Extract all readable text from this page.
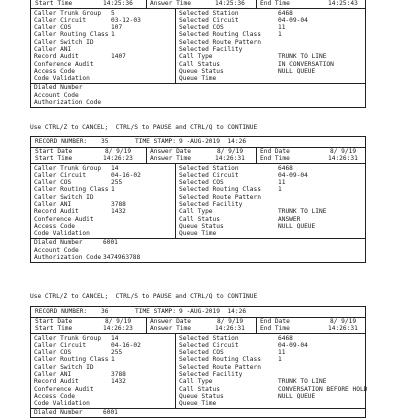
Start Time	14:25:36	Answer Time	14:25:36 End Time	14:25:43
Caller Trunk Group 5
Caller Circuit	03-12-03
Caller COS	107
Caller Routing Class 1
Caller Switch ID
Caller ANI
Record Audit	1407
Conference Audit
Access Code
Code Validation
Selected Station	6468
Selected Circuit	04-09-04
Selected COS	11
Selected Routing Class	1
Selected Route Pattern
Selected Facility
Call Type	TRUNK TO LINE
Call Status	IN CONVERSATION
Queue Status	NULL QUEUE
Queue Time
Dialed Number
Account Code
Authorization Code
Use CTRL/Z to CANCEL;  CTRL/S to PAUSE and CTRL/Q to CONTINUE
RECORD NUMBER: 35	TIME STAMP: 9 -AUG-2019  14:26
Start Date	8/ 9/19
Start Time	14:26:23
Answer Date	8/ 9/19
Answer Time	14:26:31
End Date	8/ 9/19
End Time	14:26:31
Caller Trunk Group 14
Caller Circuit	04-16-02
Caller COS	255
Caller Routing Class 1
Caller Switch ID
Caller ANI	3788
Record Audit	1432
Conference Audit
Access Code
Code Validation
Selected Station	6468
Selected Circuit	04-09-04
Selected COS	11
Selected Routing Class	1
Selected Route Pattern
Selected Facility
Call Type	TRUNK TO LINE
Call Status	ANSWER
Queue Status	NULL QUEUE
Queue Time
Dialed Number	6001
Account Code
Authorization Code 3474963788
Use CTRL/Z to CANCEL;  CTRL/S to PAUSE and CTRL/Q to CONTINUE
RECORD NUMBER: 36	TIME STAMP: 9 -AUG-2019  14:26
Start Date	8/ 9/19
Start Time	14:26:23
Answer Date	8/ 9/19
Answer Time	14:26:31
End Date	8/ 9/19
End Time	14:26:31
Caller Trunk Group 14
Caller Circuit	04-16-02
Caller COS	255
Caller Routing Class 1
Caller Switch ID
Caller ANI	3788
Record Audit	1432
Conference Audit
Access Code
Code Validation
Selected Station	6468
Selected Circuit	04-09-04
Selected COS	11
Selected Routing Class	1
Selected Route Pattern
Selected Facility
Call Type	TRUNK TO LINE
Call Status	CONVERSATION BEFORE HOLD
Queue Status	NULL QUEUE
Queue Time
Dialed Number	6001
